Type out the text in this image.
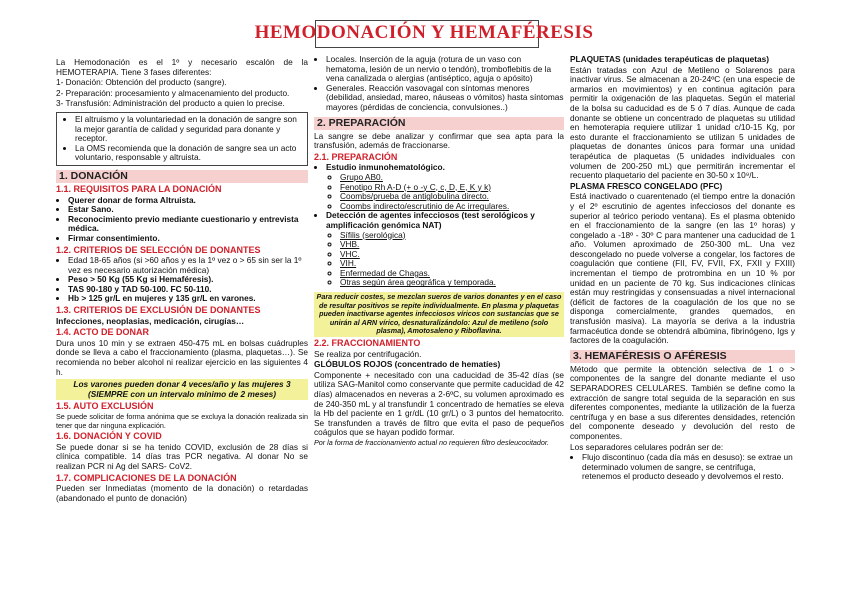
HEMODONACIÓN Y HEMAFÉRESIS

La Hemodonación es el 1º y necesario escalón de la HEMOTERAPIA. Tiene 3 fases diferentes:

1- Donación: Obtención del producto (sangre).

2- Preparación: procesamiento y almacenamiento del producto.

3- Transfusión: Administración del producto a quien lo precise.

• El altruismo y la voluntariedad en la donación de sangre son la mejor garantía de calidad y seguridad para donante y receptor.
• La OMS recomienda que la donación de sangre sea un acto voluntario, responsable y altruista.
1. DONACIÓN
1.1. REQUISITOS PARA LA DONACIÓN
• Querer donar de forma Altruista.
• Estar Sano.
• Reconocimiento previo mediante cuestionario y entrevista médica.
• Firmar consentimiento.
1.2. CRITERIOS DE SELECCIÓN DE DONANTES
• Edad 18-65 años (si >60 años y es la 1º vez o > 65 sin ser la 1º vez es necesario autorización médica)
• Peso > 50 Kg (55 Kg si Hemaféresis).
• TAS 90-180 y TAD 50-100. FC 50-110.
• Hb > 125 gr/L en mujeres y 135 gr/L en varones.
1.3. CRITERIOS DE EXCLUSIÓN DE DONANTES

Infecciones, neoplasias, medicación, cirugías…

1.4. ACTO DE DONAR

Dura unos 10 min y se extraen 450-475 mL en bolsas cuádruples donde se lleva a cabo el fraccionamiento (plasma, plaquetas…). Se recomienda no beber alcohol ni realizar ejercicio en las siguientes 4 h.

Los varones pueden donar 4 veces/año y las mujeres 3 (SIEMPRE con un intervalo mínimo de 2 meses)
1.5. AUTO EXCLUSIÓN

Se puede solicitar de forma anónima que se excluya la donación realizada sin tener que dar ninguna explicación.

1.6. DONACIÓN Y COVID

Se puede donar si se ha tenido COVID, exclusión de 28 días si clínica compatible. 14 días tras PCR negativa. Al donar No se realizan PCR ni Ag del SARS- CoV2.

1.7. COMPLICACIONES DE LA DONACIÓN

Pueden ser Inmediatas (momento de la donación) o retardadas (abandonado el punto de donación)

• Locales. Inserción de la aguja (rotura de un vaso con hematoma, lesión de un nervio o tendón), tromboflebitis de la vena canalizada o alergias (antiséptico, aguja o apósito)
• Generales. Reacción vasovagal con síntomas menores (debilidad, ansiedad, mareo, náuseas o vómitos) hasta síntomas mayores (pérdidas de conciencia, convulsiones..)
2. PREPARACIÓN

La sangre se debe analizar y confirmar que sea apta para la transfusión, además de fraccionarse.

2.1. PREPARACIÓN
• Estudio inmunohematológico.
◦ Grupo AB0.
◦ Fenotipo Rh A-D (+ o -y C, c, D, E, K y k)
◦ Coombs/prueba de antiglobulina directo.
◦ Coombs indirecto/escrutinio de Ac irregulares.
• Detección de agentes infecciosos (test serológicos y amplificación genómica NAT)
◦ Sífilis (serológica)
◦ VHB.
◦ VHC.
◦ VIH.
◦ Enfermedad de Chagas.
◦ Otras según área geográfica y temporada.
Para reducir costes, se mezclan sueros de varios donantes y en el caso de resultar positivos se repite individualmente. En plasma y plaquetas pueden inactivarse agentes infecciosos víricos con sustancias que se unirán al ARN vírico, desnaturalizándolo: Azul de metileno (solo plasma), Amotosaleno y Riboflavina.
2.2. FRACCIONAMIENTO

Se realiza por centrifugación.

GLÓBULOS ROJOS (concentrado de hematíes)

Componente + necesitado con una caducidad de 35-42 días (se utiliza SAG-Manitol como conservante que permite caducidad de 42 días) almacenados en neveras a 2-6ºC, su volumen aproximado es de 240-350 mL y al transfundir 1 concentrado de hematíes se eleva la Hb del paciente en 1 gr/dL (10 gr/L) o 3 puntos del hematocrito. Se transfunden a través de filtro que evita el paso de pequeños coágulos que se hayan podido formar.

Por la forma de fraccionamiento actual no requieren filtro desleucocitador.

PLAQUETAS (unidades terapéuticas de plaquetas)

Están tratadas con Azul de Metileno o Solarenos para inactivar virus. Se almacenan a 20-24ºC (en una especie de armarios en movimientos) y en continua agitación para permitir la oxigenación de las plaquetas. Según el material de la bolsa su caducidad es de 5 ó 7 días. Aunque de cada donante se obtiene un concentrado de plaquetas su utilidad en hemoterapia requiere utilizar 1 unidad c/10-15 Kg, por esto durante el fraccionamiento se utilizan 5 unidades de plaquetas de donantes únicos para formar una unidad terapéutica de plaquetas (5 unidades individuales con volumen de 200-250 mL) que permitirán incrementar el recuento plaquetario del paciente en 30-50 x 10⁹/L.

PLASMA FRESCO CONGELADO (PFC)

Está inactivado o cuarentenado (el tiempo entre la donación y el 2º escrutinio de agentes infecciosos del donante es superior al teórico periodo ventana). Es el plasma obtenido en el fraccionamiento de la sangre (en las 1º horas) y congelado a -18º - 30º C para mantener una caducidad de 1 año. Volumen aproximado de 250-300 mL. Una vez descongelado no puede volverse a congelar, los factores de coagulación que contiene (FII, FV, FVII, FX, FXII y FXIII) incrementan el tiempo de protrombina en un 10 % por unidad en un paciente de 70 kg. Sus indicaciones clínicas están muy restringidas y consensuadas a nivel internacional (déficit de factores de la coagulación de los que no se disponga comercialmente, grandes quemados, en transfusión masiva). La mayoría se deriva a la industria farmacéutica donde se obtendrá albúmina, fibrinógeno, Igs y factores de la coagulación.

3. HEMAFÉRESIS O AFÉRESIS

Método que permite la obtención selectiva de 1 o > componentes de la sangre del donante mediante el uso SEPARADORES CELULARES. También se define como la extracción de sangre total seguida de la separación en sus diferentes componentes, mediante la utilización de la fuerza centrífuga y en base a sus diferentes densidades, retención del componente deseado y devolución del resto de componentes.

Los separadores celulares podrán ser de:

• Flujo discontinuo (cada día más en desuso): se extrae un determinado volumen de sangre, se centrifuga, retenemos el producto deseado y devolvemos el resto.
